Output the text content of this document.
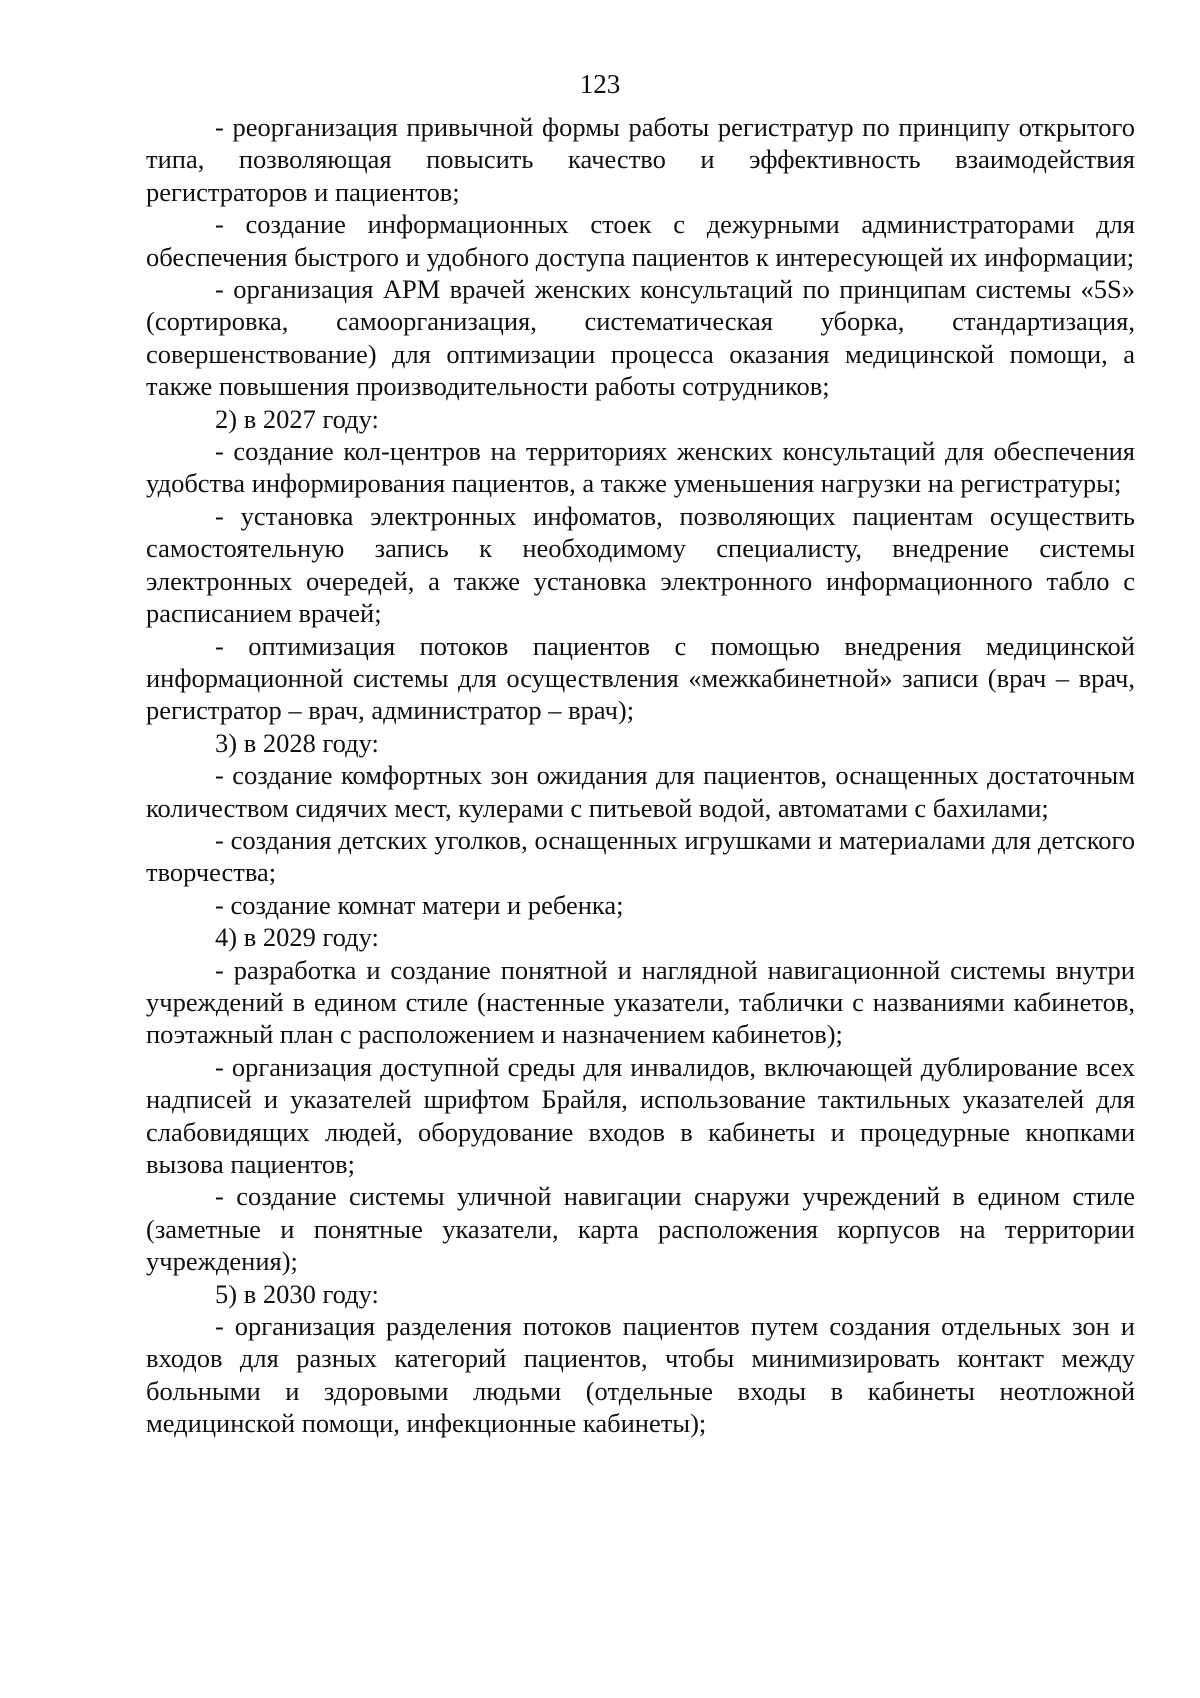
123

- реорганизация привычной формы работы регистратур по принципу открытого типа, позволяющая повысить качество и эффективность взаимодействия регистраторов и пациентов;

- создание информационных стоек с дежурными администраторами для обеспечения быстрого и удобного доступа пациентов к интересующей их информации;

- организация АРМ врачей женских консультаций по принципам системы «5S» (сортировка, самоорганизация, систематическая уборка, стандартизация, совершенствование) для оптимизации процесса оказания медицинской помощи, а также повышения производительности работы сотрудников;

2) в 2027 году:

- создание кол-центров на территориях женских консультаций для обеспечения удобства информирования пациентов, а также уменьшения нагрузки на регистратуры;

- установка электронных инфоматов, позволяющих пациентам осуществить самостоятельную запись к необходимому специалисту, внедрение системы электронных очередей, а также установка электронного информационного табло с расписанием врачей;

- оптимизация потоков пациентов с помощью внедрения медицинской информационной системы для осуществления «межкабинетной» записи (врач – врач, регистратор – врач, администратор – врач);

3) в 2028 году:

- создание комфортных зон ожидания для пациентов, оснащенных достаточным количеством сидячих мест, кулерами с питьевой водой, автоматами с бахилами;

- создания детских уголков, оснащенных игрушками и материалами для детского творчества;

- создание комнат матери и ребенка;

4) в 2029 году:

- разработка и создание понятной и наглядной навигационной системы внутри учреждений в едином стиле (настенные указатели, таблички с названиями кабинетов, поэтажный план с расположением и назначением кабинетов);

- организация доступной среды для инвалидов, включающей дублирование всех надписей и указателей шрифтом Брайля, использование тактильных указателей для слабовидящих людей, оборудование входов в кабинеты и процедурные кнопками вызова пациентов;

- создание системы уличной навигации снаружи учреждений в едином стиле (заметные и понятные указатели, карта расположения корпусов на территории учреждения);

5) в 2030 году:

- организация разделения потоков пациентов путем создания отдельных зон и входов для разных категорий пациентов, чтобы минимизировать контакт между больными и здоровыми людьми (отдельные входы в кабинеты неотложной медицинской помощи, инфекционные кабинеты);
